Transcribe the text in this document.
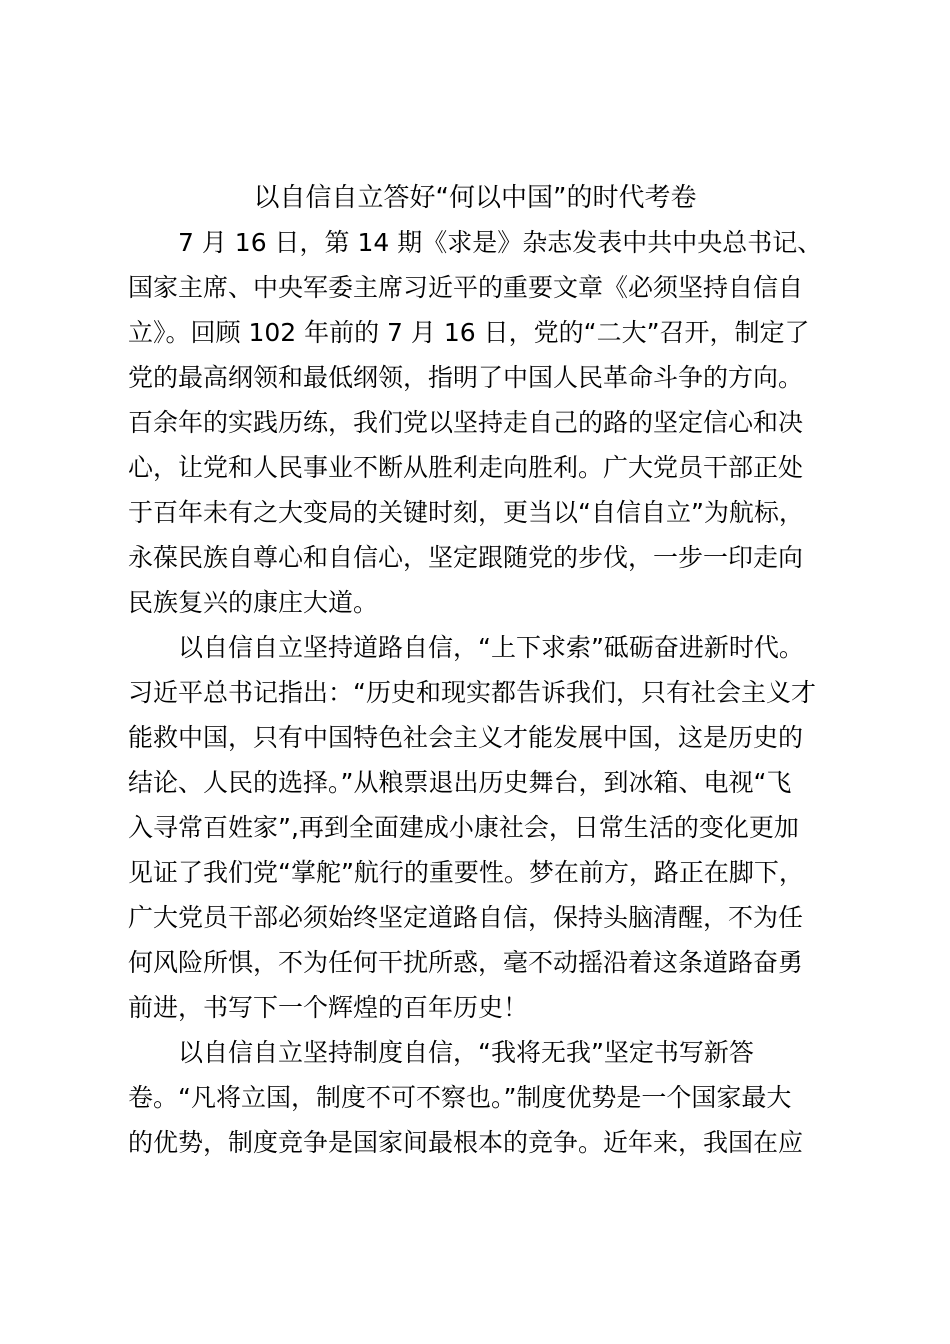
以自信自立答好“何以中国”的时代考卷

7 月 16 日，第 14 期《求是》杂志发表中共中央总书记、

国家主席、中央军委主席习近平的重要文章《必须坚持自信自

立》。回顾 102 年前的 7 月 16 日，党的“二大”召开，制定了

党的最高纲领和最低纲领，指明了中国人民革命斗争的方向。

百余年的实践历练，我们党以坚持走自己的路的坚定信心和决

心，让党和人民事业不断从胜利走向胜利。广大党员干部正处

于百年未有之大变局的关键时刻，更当以“自信自立”为航标，

永葆民族自尊心和自信心，坚定跟随党的步伐，一步一印走向

民族复兴的康庄大道。

以自信自立坚持道路自信，“上下求索”砥砺奋进新时代。

习近平总书记指出：“历史和现实都告诉我们，只有社会主义才

能救中国，只有中国特色社会主义才能发展中国，这是历史的

结论、人民的选择。”从粮票退出历史舞台，到冰箱、电视“飞

入寻常百姓家”,再到全面建成小康社会，日常生活的变化更加

见证了我们党“掌舵”航行的重要性。梦在前方，路正在脚下，

广大党员干部必须始终坚定道路自信，保持头脑清醒，不为任

何风险所惧，不为任何干扰所惑，毫不动摇沿着这条道路奋勇

前进，书写下一个辉煌的百年历史！

以自信自立坚持制度自信，“我将无我”坚定书写新答

卷。“凡将立国，制度不可不察也。”制度优势是一个国家最大

的优势，制度竞争是国家间最根本的竞争。近年来，我国在应
